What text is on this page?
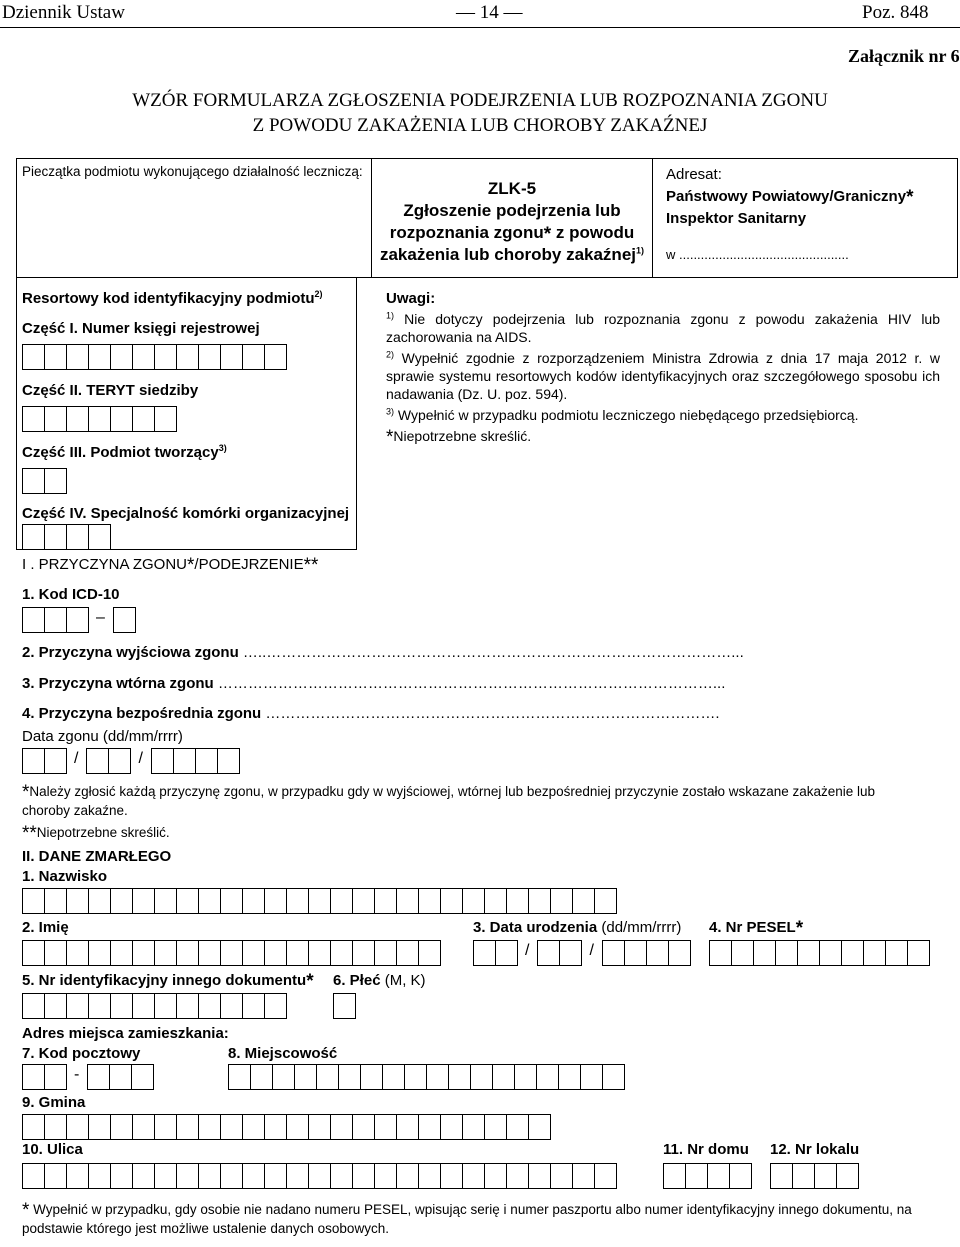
Dziennik Ustaw	— 14 —	Poz. 848
Załącznik nr 6
WZÓR FORMULARZA ZGŁOSZENIA PODEJRZENIA LUB ROZPOZNANIA ZGONU
Z POWODU ZAKAŻENIA LUB CHOROBY ZAKAŹNEJ
Pieczątka podmiotu wykonującego działalność leczniczą:
ZLK-5
Zgłoszenie podejrzenia lub
rozpoznania zgonu* z powodu
zakażenia lub choroby zakaźnej$^{1)}$
Adresat:
Państwowy Powiatowy/Graniczny*
Inspektor Sanitarny
w ...............................................
Resortowy kod identyfikacyjny podmiotu$^{2)}$
Część I. Numer księgi rejestrowej
Część II. TERYT siedziby
Część III. Podmiot tworzący$^{3)}$
Część IV. Specjalność komórki organizacyjnej
Uwagi:
$^{1)}$ Nie dotyczy podejrzenia lub rozpoznania zgonu z powodu zakażenia HIV lub zachorowania na AIDS.
$^{2)}$ Wypełnić zgodnie z rozporządzeniem Ministra Zdrowia z dnia 17 maja 2012 r. w sprawie systemu resortowych kodów identyfikacyjnych oraz szczegółowego sposobu ich nadawania (Dz. U. poz. 594).
$^{3)}$ Wypełnić w przypadku podmiotu leczniczego niebędącego przedsiębiorcą.
*Niepotrzebne skreślić.
I . PRZYCZYNA ZGONU*/PODEJRZENIE**
1. Kod ICD-10
–
2. Przyczyna wyjściowa zgonu …..…………………………………………………………………………………...
3. Przyczyna wtórna zgonu ………………………………………………………………………………………...
4. Przyczyna bezpośrednia zgonu ……………………………………………………………………………….
Data zgonu (dd/mm/rrrr)
/	/
*Należy zgłosić każdą przyczynę zgonu, w przypadku gdy w wyjściowej, wtórnej lub bezpośredniej przyczynie zostało wskazane zakażenie lub choroby zakaźne.
**Niepotrzebne skreślić.
II. DANE ZMARŁEGO
1. Nazwisko
2. Imię	3. Data urodzenia (dd/mm/rrrr)
/	/
4. Nr PESEL*
5. Nr identyfikacyjny innego dokumentu* 6. Płeć (M, K)
Adres miejsca zamieszkania:
7. Kod pocztowy
-
8. Miejscowość
9. Gmina
10. Ulica	11. Nr domu 12. Nr lokalu
* Wypełnić w przypadku, gdy osobie nie nadano numeru PESEL, wpisując serię i numer paszportu albo numer identyfikacyjny innego dokumentu, na podstawie którego jest możliwe ustalenie danych osobowych.
